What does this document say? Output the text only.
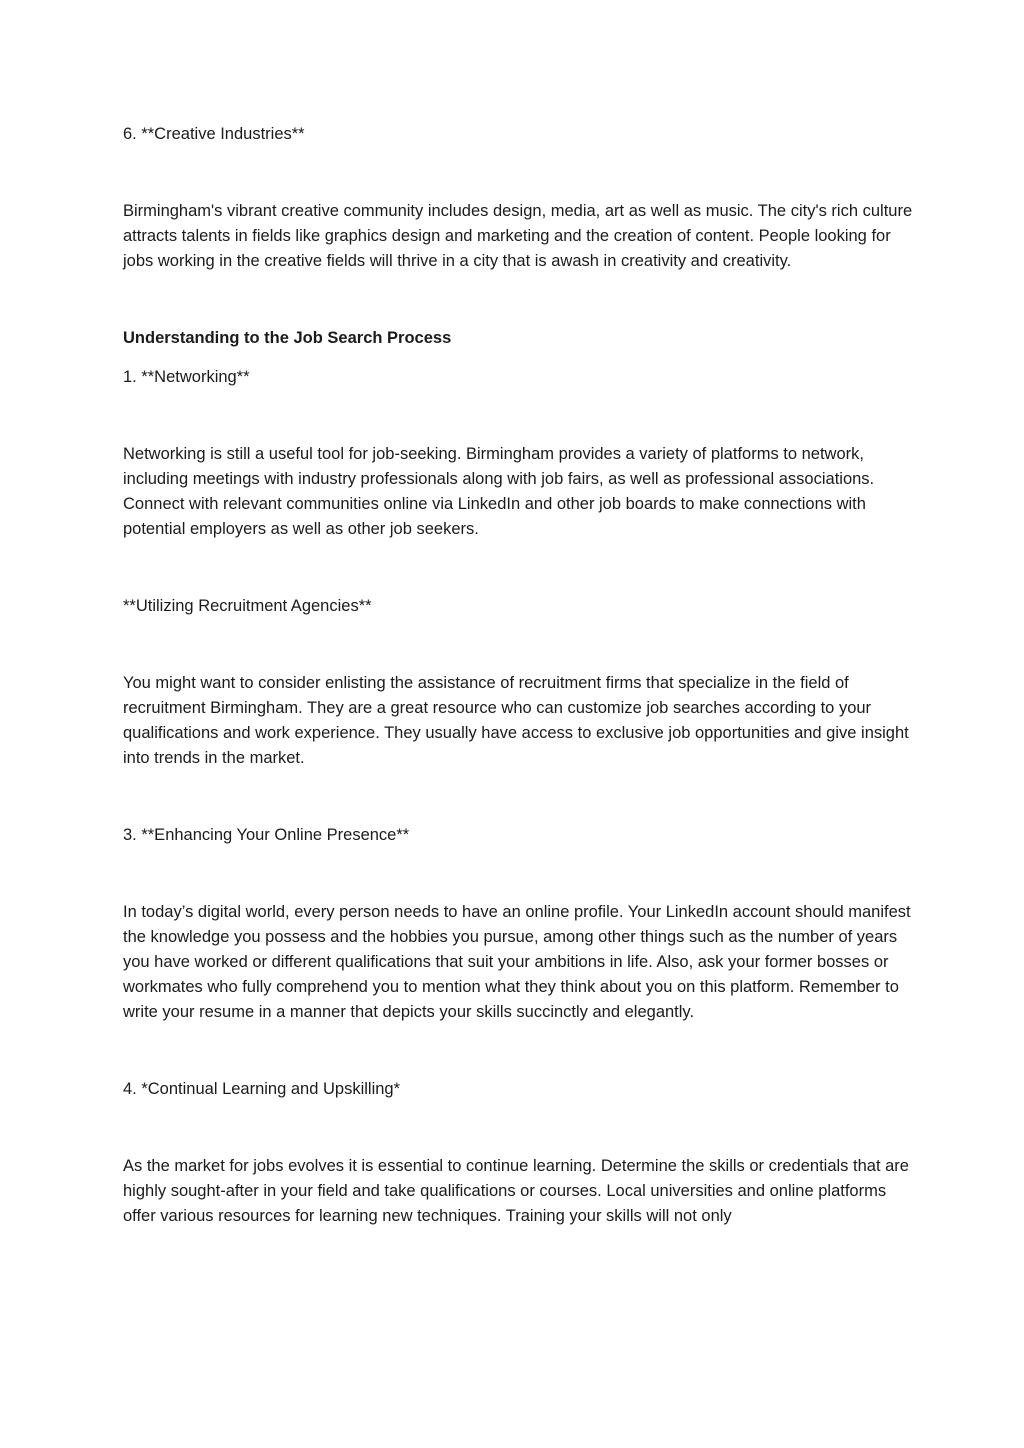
6. **Creative Industries**

Birmingham's vibrant creative community includes design, media, art as well as music. The city's rich culture attracts talents in fields like graphics design and marketing and the creation of content. People looking for jobs working in the creative fields will thrive in a city that is awash in creativity and creativity.

Understanding to the Job Search Process

1. **Networking**

Networking is still a useful tool for job-seeking. Birmingham provides a variety of platforms to network, including meetings with industry professionals along with job fairs, as well as professional associations. Connect with relevant communities online via LinkedIn and other job boards to make connections with potential employers as well as other job seekers.

**Utilizing Recruitment Agencies**

You might want to consider enlisting the assistance of recruitment firms that specialize in the field of recruitment Birmingham. They are a great resource who can customize job searches according to your qualifications and work experience. They usually have access to exclusive job opportunities and give insight into trends in the market.

3. **Enhancing Your Online Presence**

In today’s digital world, every person needs to have an online profile. Your LinkedIn account should manifest the knowledge you possess and the hobbies you pursue, among other things such as the number of years you have worked or different qualifications that suit your ambitions in life. Also, ask your former bosses or workmates who fully comprehend you to mention what they think about you on this platform. Remember to write your resume in a manner that depicts your skills succinctly and elegantly.

4. *Continual Learning and Upskilling*

As the market for jobs evolves it is essential to continue learning. Determine the skills or credentials that are highly sought-after in your field and take qualifications or courses. Local universities and online platforms offer various resources for learning new techniques. Training your skills will not only
